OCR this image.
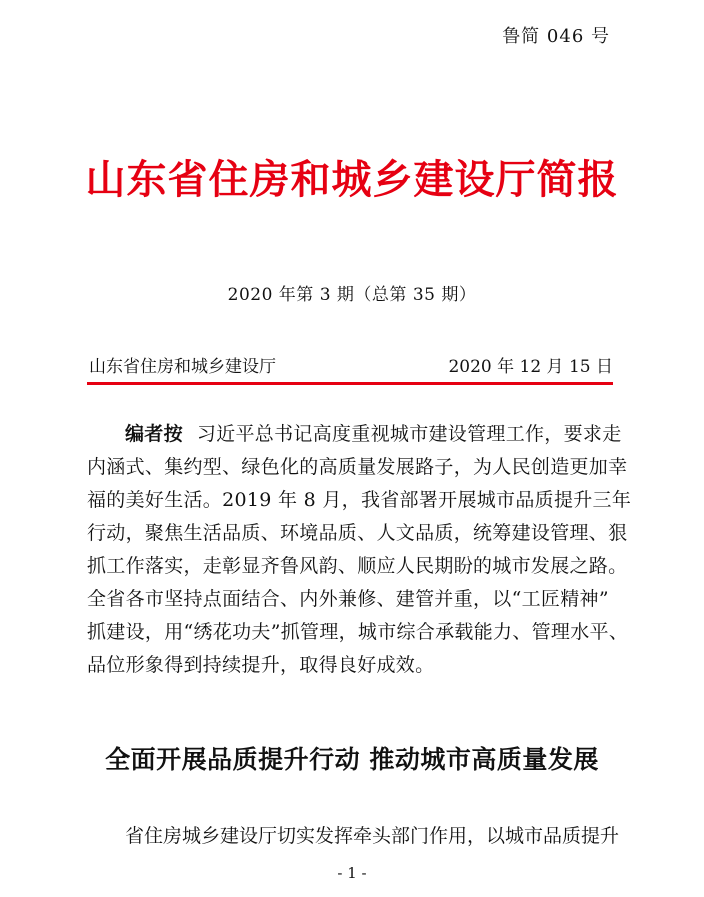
鲁简 046 号
山东省住房和城乡建设厅简报
2020 年第 3 期（总第 35 期）
山东省住房和城乡建设厅	2020 年 12 月 15 日
编者按 习近平总书记高度重视城市建设管理工作，要求走
内涵式、集约型、绿色化的高质量发展路子，为人民创造更加幸
福的美好生活。2019 年 8 月，我省部署开展城市品质提升三年
行动，聚焦生活品质、环境品质、人文品质，统筹建设管理、狠
抓工作落实，走彰显齐鲁风韵、顺应人民期盼的城市发展之路。
全省各市坚持点面结合、内外兼修、建管并重，以“工匠精神”
抓建设，用“绣花功夫”抓管理，城市综合承载能力、管理水平、
品位形象得到持续提升，取得良好成效。
全面开展品质提升行动 推动城市高质量发展
省住房城乡建设厅切实发挥牵头部门作用，以城市品质提升
- 1 -
